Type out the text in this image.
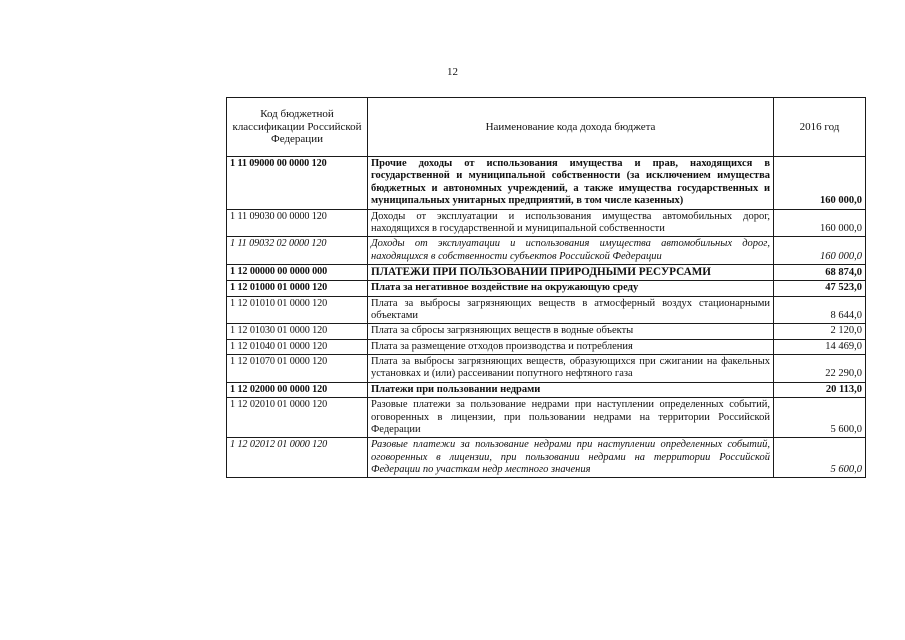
12
Код бюджетной классификации Российской Федерации	Наименование кода дохода бюджета	2016 год
1 11 09000 00 0000 120	Прочие доходы от использования имущества и прав, находящихся в государственной и муниципальной собственности (за исключением имущества бюджетных и автономных учреждений, а также имущества государственных и муниципальных унитарных предприятий, в том числе казенных)	160 000,0
1 11 09030 00 0000 120	Доходы от эксплуатации и использования имущества автомобильных дорог, находящихся в государственной и муниципальной собственности	160 000,0
1 11 09032 02 0000 120	Доходы от эксплуатации и использования имущества автомобильных дорог, находящихся в собственности субъектов Российской Федерации	160 000,0
1 12 00000 00 0000 000	ПЛАТЕЖИ ПРИ ПОЛЬЗОВАНИИ ПРИРОДНЫМИ РЕСУРСАМИ	68 874,0
1 12 01000 01 0000 120	Плата за негативное воздействие на окружающую среду	47 523,0
1 12 01010 01 0000 120	Плата за выбросы загрязняющих веществ в атмосферный воздух стационарными объектами	8 644,0
1 12 01030 01 0000 120	Плата за сбросы загрязняющих веществ в водные объекты	2 120,0
1 12 01040 01 0000 120	Плата за размещение отходов производства и потребления	14 469,0
1 12 01070 01 0000 120	Плата за выбросы загрязняющих веществ, образующихся при сжигании на факельных установках и (или) рассеивании попутного нефтяного газа	22 290,0
1 12 02000 00 0000 120	Платежи при пользовании недрами	20 113,0
1 12 02010 01 0000 120	Разовые платежи за пользование недрами при наступлении определенных событий, оговоренных в лицензии, при пользовании недрами на территории Российской Федерации	5 600,0
1 12 02012 01 0000 120	Разовые платежи за пользование недрами при наступлении определенных событий, оговоренных в лицензии, при пользовании недрами на территории Российской Федерации по участкам недр местного значения	5 600,0
